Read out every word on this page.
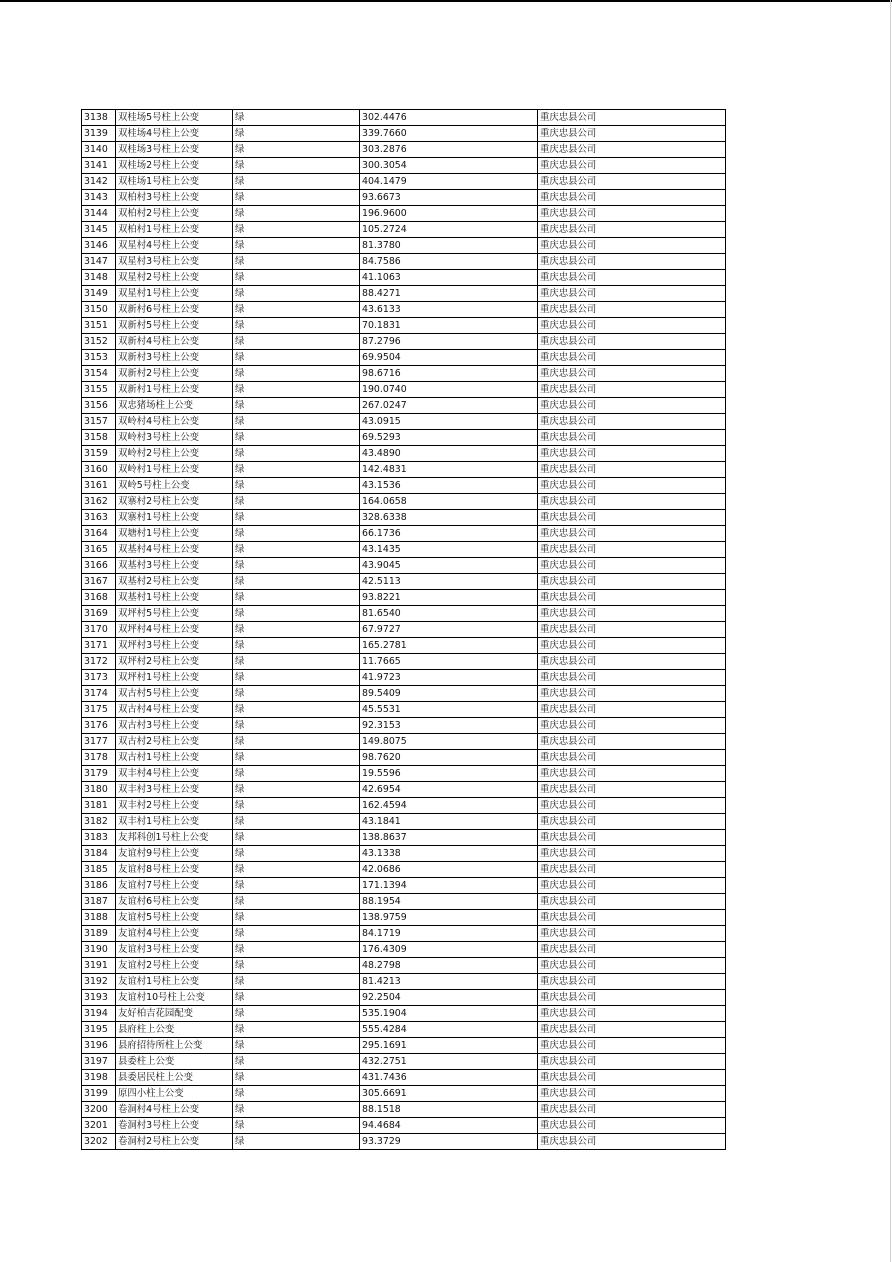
3138	双桂场5号柱上公变	绿	302.4476	重庆忠县公司
3139	双桂场4号柱上公变	绿	339.7660	重庆忠县公司
3140	双桂场3号柱上公变	绿	303.2876	重庆忠县公司
3141	双桂场2号柱上公变	绿	300.3054	重庆忠县公司
3142	双桂场1号柱上公变	绿	404.1479	重庆忠县公司
3143	双柏村3号柱上公变	绿	93.6673	重庆忠县公司
3144	双柏村2号柱上公变	绿	196.9600	重庆忠县公司
3145	双柏村1号柱上公变	绿	105.2724	重庆忠县公司
3146	双星村4号柱上公变	绿	81.3780	重庆忠县公司
3147	双星村3号柱上公变	绿	84.7586	重庆忠县公司
3148	双星村2号柱上公变	绿	41.1063	重庆忠县公司
3149	双星村1号柱上公变	绿	88.4271	重庆忠县公司
3150	双新村6号柱上公变	绿	43.6133	重庆忠县公司
3151	双新村5号柱上公变	绿	70.1831	重庆忠县公司
3152	双新村4号柱上公变	绿	87.2796	重庆忠县公司
3153	双新村3号柱上公变	绿	69.9504	重庆忠县公司
3154	双新村2号柱上公变	绿	98.6716	重庆忠县公司
3155	双新村1号柱上公变	绿	190.0740	重庆忠县公司
3156	双忠猪场柱上公变	绿	267.0247	重庆忠县公司
3157	双岭村4号柱上公变	绿	43.0915	重庆忠县公司
3158	双岭村3号柱上公变	绿	69.5293	重庆忠县公司
3159	双岭村2号柱上公变	绿	43.4890	重庆忠县公司
3160	双岭村1号柱上公变	绿	142.4831	重庆忠县公司
3161	双岭5号柱上公变	绿	43.1536	重庆忠县公司
3162	双寨村2号柱上公变	绿	164.0658	重庆忠县公司
3163	双寨村1号柱上公变	绿	328.6338	重庆忠县公司
3164	双塘村1号柱上公变	绿	66.1736	重庆忠县公司
3165	双基村4号柱上公变	绿	43.1435	重庆忠县公司
3166	双基村3号柱上公变	绿	43.9045	重庆忠县公司
3167	双基村2号柱上公变	绿	42.5113	重庆忠县公司
3168	双基村1号柱上公变	绿	93.8221	重庆忠县公司
3169	双坪村5号柱上公变	绿	81.6540	重庆忠县公司
3170	双坪村4号柱上公变	绿	67.9727	重庆忠县公司
3171	双坪村3号柱上公变	绿	165.2781	重庆忠县公司
3172	双坪村2号柱上公变	绿	11.7665	重庆忠县公司
3173	双坪村1号柱上公变	绿	41.9723	重庆忠县公司
3174	双古村5号柱上公变	绿	89.5409	重庆忠县公司
3175	双古村4号柱上公变	绿	45.5531	重庆忠县公司
3176	双古村3号柱上公变	绿	92.3153	重庆忠县公司
3177	双古村2号柱上公变	绿	149.8075	重庆忠县公司
3178	双古村1号柱上公变	绿	98.7620	重庆忠县公司
3179	双丰村4号柱上公变	绿	19.5596	重庆忠县公司
3180	双丰村3号柱上公变	绿	42.6954	重庆忠县公司
3181	双丰村2号柱上公变	绿	162.4594	重庆忠县公司
3182	双丰村1号柱上公变	绿	43.1841	重庆忠县公司
3183	友邦科创1号柱上公变	绿	138.8637	重庆忠县公司
3184	友谊村9号柱上公变	绿	43.1338	重庆忠县公司
3185	友谊村8号柱上公变	绿	42.0686	重庆忠县公司
3186	友谊村7号柱上公变	绿	171.1394	重庆忠县公司
3187	友谊村6号柱上公变	绿	88.1954	重庆忠县公司
3188	友谊村5号柱上公变	绿	138.9759	重庆忠县公司
3189	友谊村4号柱上公变	绿	84.1719	重庆忠县公司
3190	友谊村3号柱上公变	绿	176.4309	重庆忠县公司
3191	友谊村2号柱上公变	绿	48.2798	重庆忠县公司
3192	友谊村1号柱上公变	绿	81.4213	重庆忠县公司
3193	友谊村10号柱上公变	绿	92.2504	重庆忠县公司
3194	友好柏吉花园配变	绿	535.1904	重庆忠县公司
3195	县府柱上公变	绿	555.4284	重庆忠县公司
3196	县府招待所柱上公变	绿	295.1691	重庆忠县公司
3197	县委柱上公变	绿	432.2751	重庆忠县公司
3198	县委居民柱上公变	绿	431.7436	重庆忠县公司
3199	原四小柱上公变	绿	305.6691	重庆忠县公司
3200	卷洞村4号柱上公变	绿	88.1518	重庆忠县公司
3201	卷洞村3号柱上公变	绿	94.4684	重庆忠县公司
3202	卷洞村2号柱上公变	绿	93.3729	重庆忠县公司
